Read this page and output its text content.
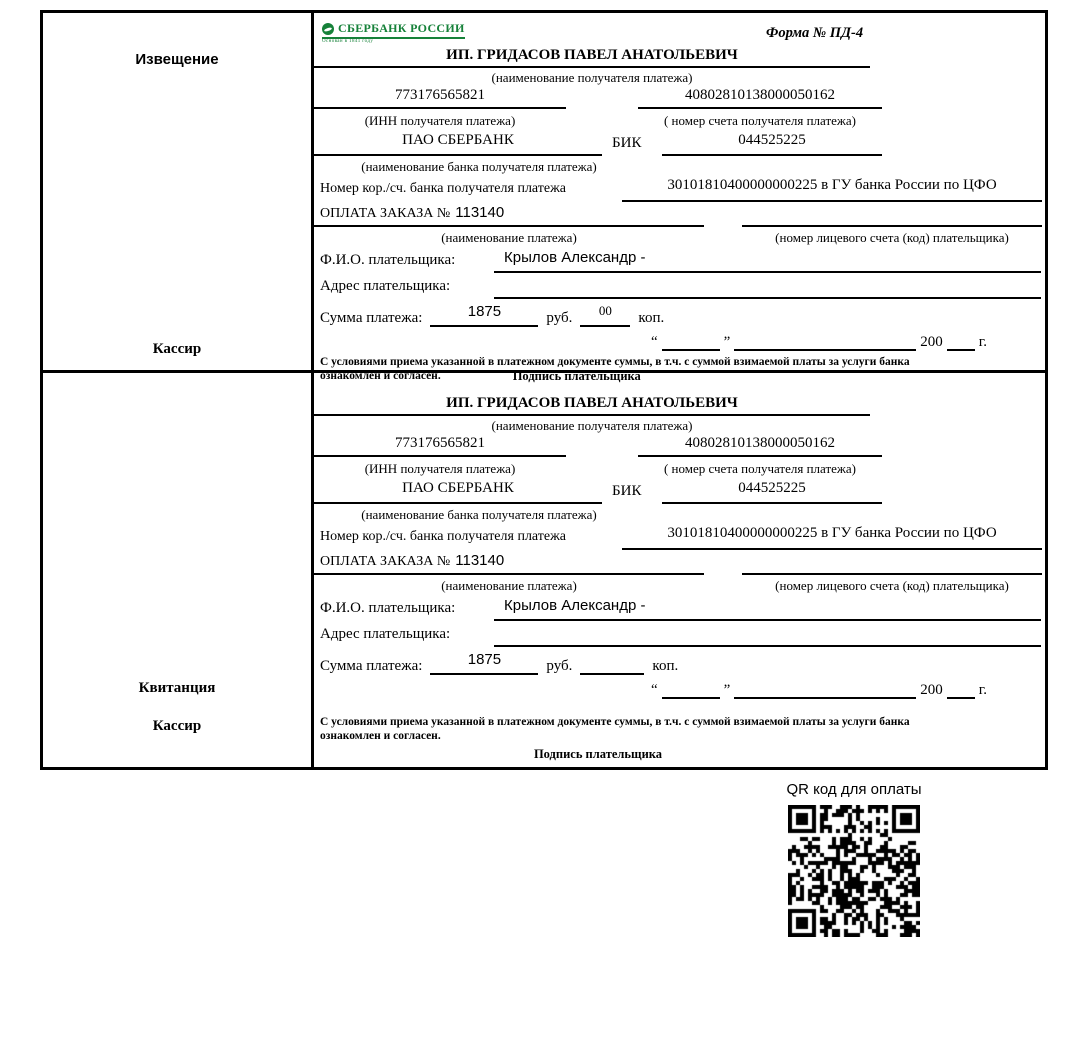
Извещение
Кассир
СБЕРБАНК РОССИИ
Основан в 1841 году
Форма № ПД-4
ИП. ГРИДАСОВ ПАВЕЛ АНАТОЛЬЕВИЧ
(наименование получателя платежа)
773176565821	40802810138000050162
(ИНН получателя платежа)	( номер счета получателя платежа)
ПАО СБЕРБАНК	БИК	044525225
(наименование банка получателя платежа)
Номер кор./сч. банка получателя платежа	30101810400000000225 в ГУ банка России по ЦФО
ОПЛАТА ЗАКАЗА № 113140
(наименование платежа)	(номер лицевого счета (код) плательщика)
Ф.И.О. плательщика:	Крылов Александр -
Адрес плательщика:
Сумма платежа:	1875	руб.	00	коп.
“	”	200 г.
С условиями приема указанной в платежном документе суммы, в т.ч. с суммой взимаемой платы за услуги банка
ознакомлен и согласен.	Подпись плательщика
Квитанция
Кассир
ИП. ГРИДАСОВ ПАВЕЛ АНАТОЛЬЕВИЧ
(наименование получателя платежа)
773176565821	40802810138000050162
(ИНН получателя платежа)	( номер счета получателя платежа)
ПАО СБЕРБАНК	БИК	044525225
(наименование банка получателя платежа)
Номер кор./сч. банка получателя платежа	30101810400000000225 в ГУ банка России по ЦФО
ОПЛАТА ЗАКАЗА № 113140
(наименование платежа)	(номер лицевого счета (код) плательщика)
Ф.И.О. плательщика:	Крылов Александр -
Адрес плательщика:
Сумма платежа:	1875	руб.	коп.
“	”	200 г.
С условиями приема указанной в платежном документе суммы, в т.ч. с суммой взимаемой платы за услуги банка
ознакомлен и согласен.
Подпись плательщика
QR код для оплаты
